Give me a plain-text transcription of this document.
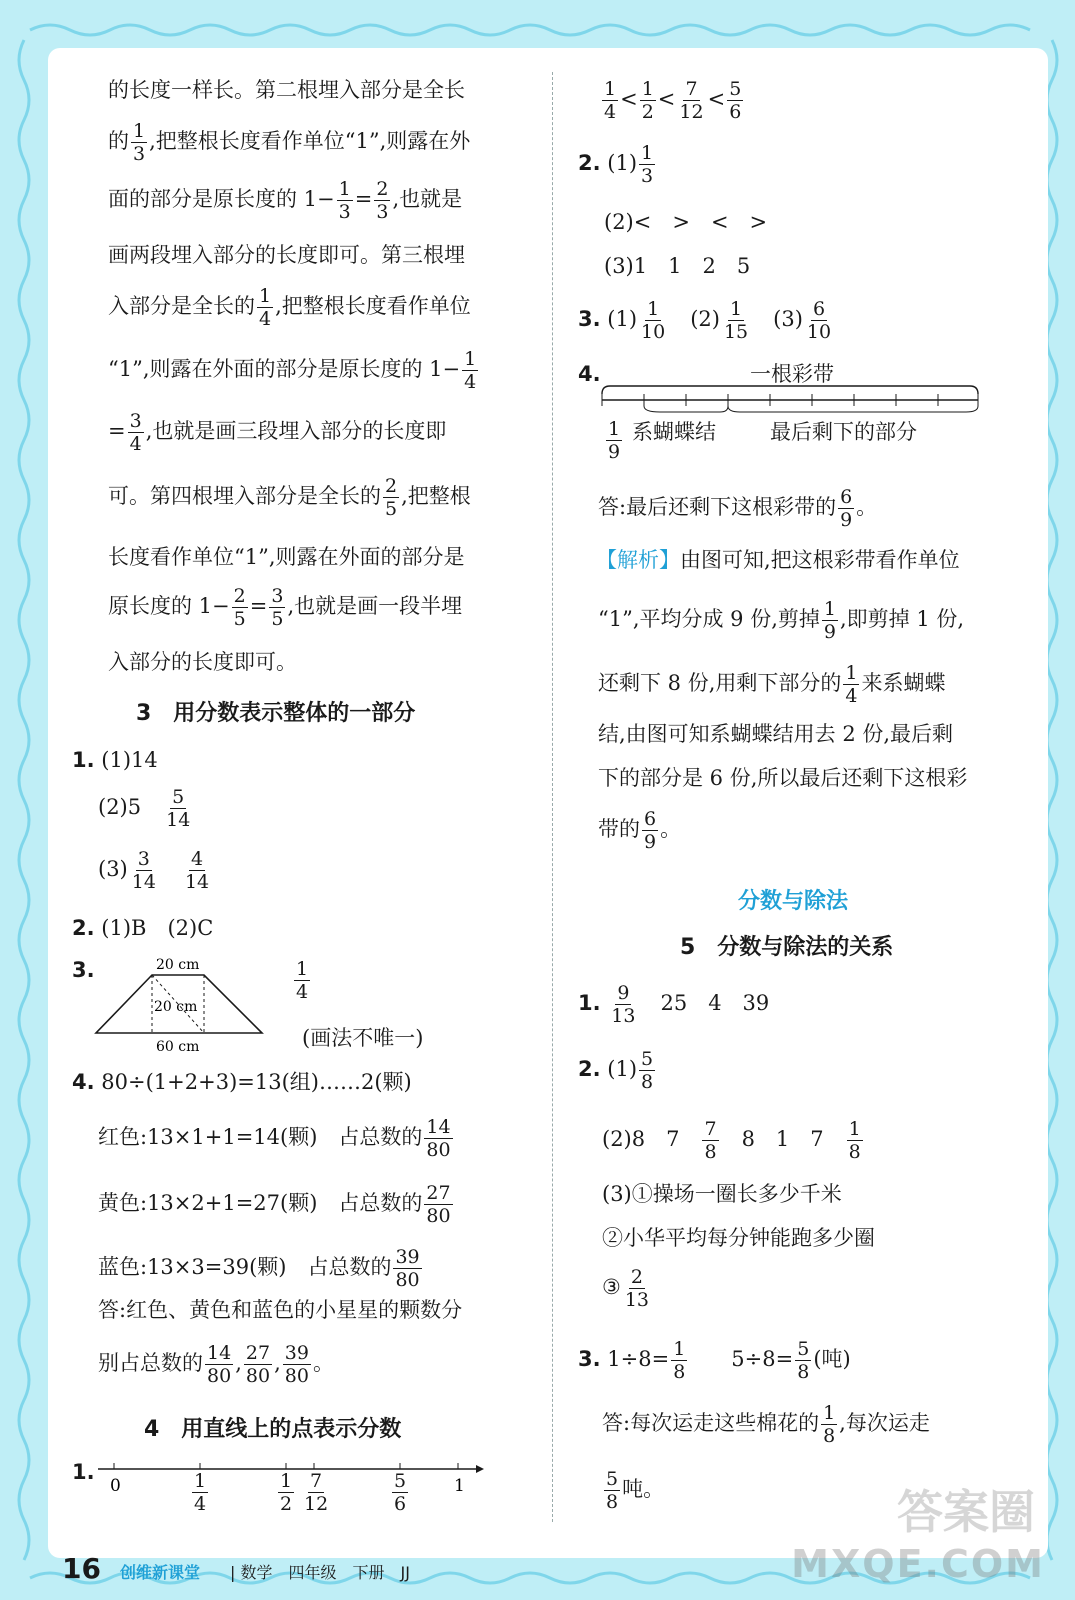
的长度一样长。第二根埋入部分是全长
的 $\frac{1}{3}$ ,把整根长度看作单位“1”,则露在外
面的部分是原长度的 $1- \frac{1}{3} = \frac{2}{3}$ ,也就是
画两段埋入部分的长度即可。第三根埋
入部分是全长的 $\frac{1}{4}$ ,把整根长度看作单位
“1”,则露在外面的部分是原长度的 $1- \frac{1}{4}$
= $\frac{3}{4}$ ,也就是画三段埋入部分的长度即
可。第四根埋入部分是全长的 $\frac{2}{5}$ ,把整根
长度看作单位“1”,则露在外面的部分是
原长度的 $1- \frac{2}{5} = \frac{3}{5}$ ,也就是画一段半埋
入部分的长度即可。
3　用分数表示整体的一部分
1. (1)14
(2)5　 $\frac{5}{14}$
$(3) \frac{3}{14}$
　 $\frac{4}{14}$
2. (1)B　(2)C
3.	20 cm
20 cm
60 cm
$\frac{1}{4}$
(画法不唯一)
4. 80÷(1+2+3)=13(组)……2(颗)
红色:13×1+1=14(颗)　占总数的 $\frac{14}{80}$
黄色:13×2+1=27(颗)　占总数的 $\frac{27}{80}$
蓝色:13×3=39(颗)　占总数的 $\frac{39}{80}$
答:红色、黄色和蓝色的小星星的颗数分
别占总数的 $\frac{14}{80}$ , $\frac{27}{80}$ , $\frac{39}{80}$ 。
4　用直线上的点表示分数
1.
0	1
$\frac{1}{4}$	$\frac{1}{2} \frac{7}{12}$	$\frac{5}{6}$
$\frac{1}{4} < \frac{1}{2} < \frac{7}{12} < \frac{5}{6}$
2. $(1) \frac{1}{3}$
(2)<　>　<　>
(3)1　1　2　5
3. $(1) \frac{1}{10}$
　 $(2) \frac{1}{15}$
　 $(3) \frac{6}{10}$
4.	一根彩带
$\frac{1}{9}$ 系蝴蝶结	最后剩下的部分
答:最后还剩下这根彩带的 $\frac{6}{9}$ 。
【解析】由图可知,把这根彩带看作单位
“1”,平均分成 9 份,剪掉 $\frac{1}{9}$ ,即剪掉 1 份,
还剩下 8 份,用剩下部分的 $\frac{1}{4}$ 来系蝴蝶
结,由图可知系蝴蝶结用去 2 份,最后剩
下的部分是 6 份,所以最后还剩下这根彩
带的 $\frac{6}{9}$ 。
分数与除法
5　分数与除法的关系
1. $\frac{9}{13}$
　 25　4　39
2. $(1) \frac{5}{8}$
(2)8　7　 $\frac{7}{8}$
　 8　1　7　 $\frac{1}{8}$
(3)①操场一圈长多少千米
②小华平均每分钟能跑多少圈
③ $\frac{2}{13}$
3. $1\div 8= \frac{1}{8}$
　　 $5\div 8= \frac{5}{8}$ (吨)
答:每次运走这些棉花的 $\frac{1}{8}$ ,每次运走
$\frac{5}{8}$ 吨。
16 创维新课堂 | 数学　四年级　下册　JJ
答案圈
MXQE.COM
